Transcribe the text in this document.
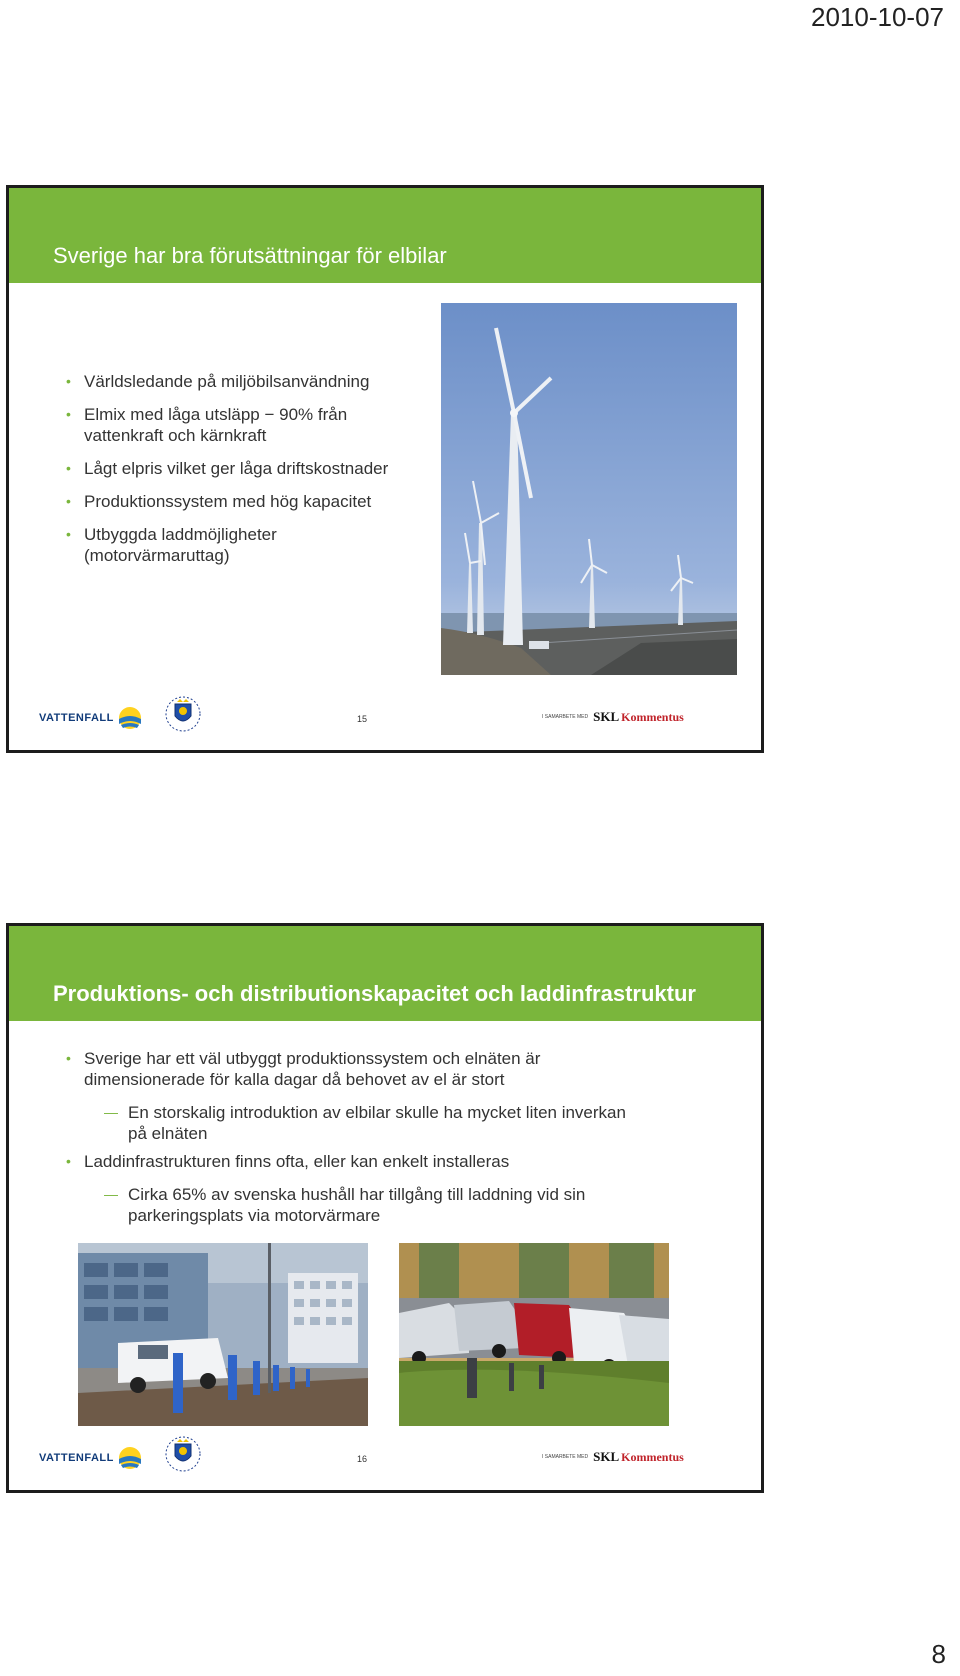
2010-10-07
Sverige har bra förutsättningar för elbilar
• Världsledande på miljöbilsanvändning
• Elmix med låga utsläpp − 90% från vattenkraft och kärnkraft
• Lågt elpris vilket ger låga driftskostnader
• Produktionssystem med hög kapacitet
• Utbyggda laddmöjligheter (motorvärmaruttag)
VATTENFALL	15	I SAMARBETE MED SKL Kommentus
Produktions- och distributionskapacitet och laddinfrastruktur
• Sverige har ett väl utbyggt produktionssystem och elnäten är dimensionerade för kalla dagar då behovet av el är stort
— En storskalig introduktion av elbilar skulle ha mycket liten inverkan på elnäten
• Laddinfrastrukturen finns ofta, eller kan enkelt installeras
— Cirka 65% av svenska hushåll har tillgång till laddning vid sin parkeringsplats via motorvärmare
VATTENFALL	16	I SAMARBETE MED SKL Kommentus
8
